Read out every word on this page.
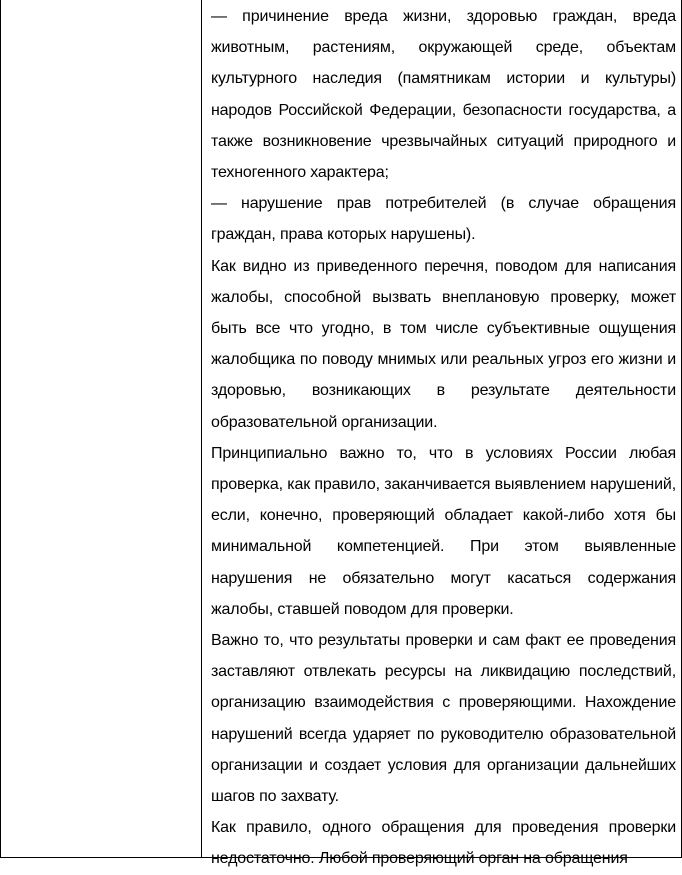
— причинение вреда жизни, здоровью граждан, вреда животным, растениям, окружающей среде, объектам культурного наследия (памятникам истории и культуры) народов Российской Федерации, безопасности государства, а также возникновение чрезвычайных ситуаций природного и техногенного характера;

— нарушение прав потребителей (в случае обращения граждан, права которых нарушены).

Как видно из приведенного перечня, поводом для написания жалобы, способной вызвать внеплановую проверку, может быть все что угодно, в том числе субъективные ощущения жалобщика по поводу мнимых или реальных угроз его жизни и здоровью, возникающих в результате деятельности образовательной организации.

Принципиально важно то, что в условиях России любая проверка, как правило, заканчивается выявлением нарушений, если, конечно, проверяющий обладает какой-либо хотя бы минимальной компетенцией. При этом выявленные нарушения не обязательно могут касаться содержания жалобы, ставшей поводом для проверки.

Важно то, что результаты проверки и сам факт ее проведения заставляют отвлекать ресурсы на ликвидацию последствий, организацию взаимодействия с проверяющими. Нахождение нарушений всегда ударяет по руководителю образовательной организации и создает условия для организации дальнейших шагов по захвату.

Как правило, одного обращения для проведения проверки недостаточно. Любой проверяющий орган на обращения
